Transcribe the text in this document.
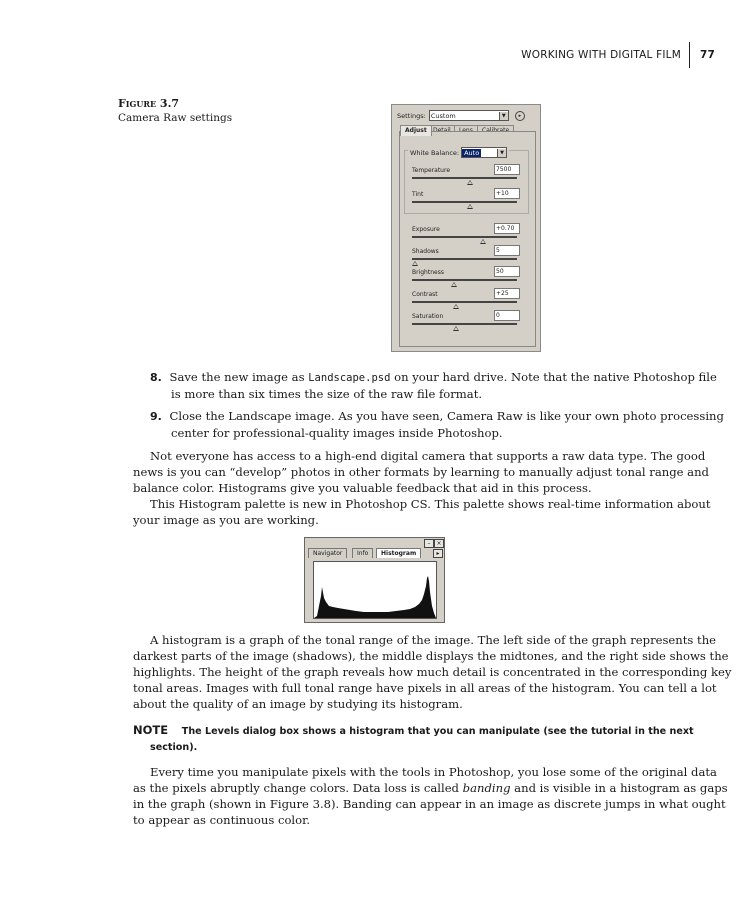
WORKING WITH DIGITAL FILM 77
Figure 3.7
Camera Raw settings	Settings: Custom	▼	▸
Adjust
White Balance: Auto	▼
Temperature	7500
Tint	+10
Exposure	+0.70
Shadows	5
Brightness	50
Contrast	+25
Saturation	0
8. Save the new image as Landscape.psd on your hard drive. Note that the native Photoshop file
is more than six times the size of the raw file format.
9. Close the Landscape image. As you have seen, Camera Raw is like your own photo processing
center for professional-quality images inside Photoshop.
Not everyone has access to a high-end digital camera that supports a raw data type. The good
news is you can “develop” photos in other formats by learning to manually adjust tonal range and
balance color. Histograms give you valuable feedback that aid in this process.
This Histogram palette is new in Photoshop CS. This palette shows real-time information about
your image as you are working.
– ×
Navigator	Info	Histogram	▸
A histogram is a graph of the tonal range of the image. The left side of the graph represents the
darkest parts of the image (shadows), the middle displays the midtones, and the right side shows the
highlights. The height of the graph reveals how much detail is concentrated in the corresponding key
tonal areas. Images with full tonal range have pixels in all areas of the histogram. You can tell a lot
about the quality of an image by studying its histogram.
NOTE The Levels dialog box shows a histogram that you can manipulate (see the tutorial in the next
section).
Every time you manipulate pixels with the tools in Photoshop, you lose some of the original data
as the pixels abruptly change colors. Data loss is called banding and is visible in a histogram as gaps
in the graph (shown in Figure 3.8). Banding can appear in an image as discrete jumps in what ought
to appear as continuous color.
